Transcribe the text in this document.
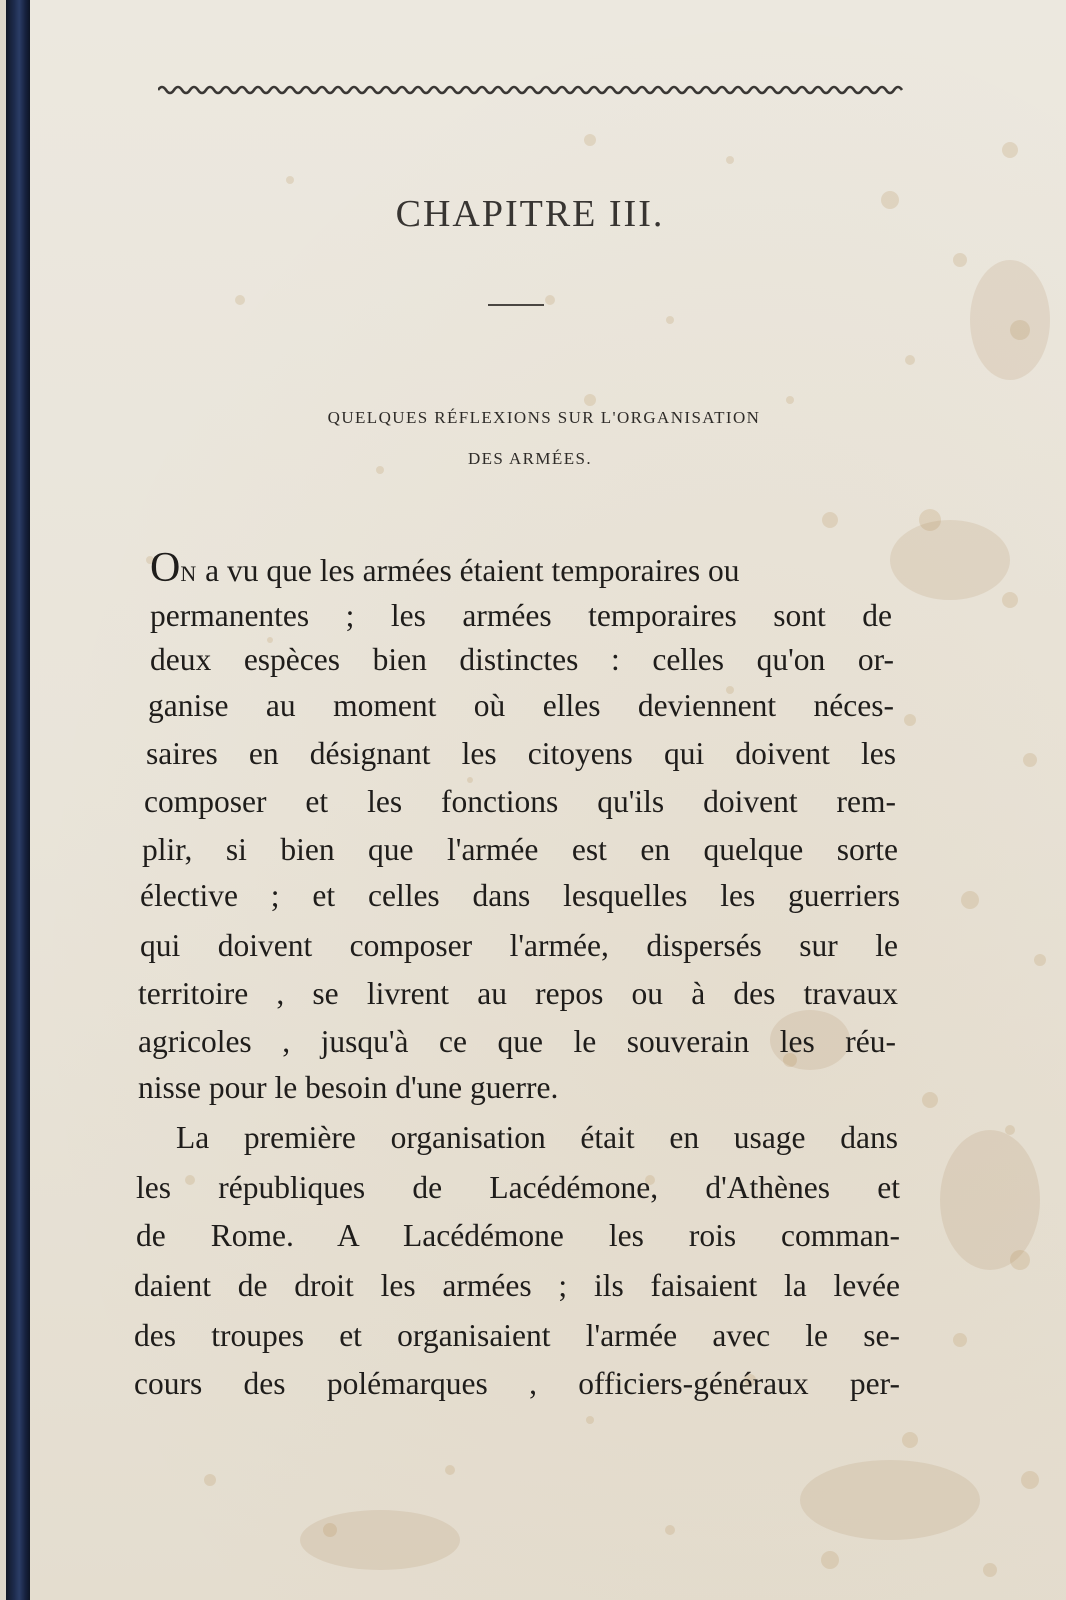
CHAPITRE III.

QUELQUES RÉFLEXIONS SUR L'ORGANISATION

DES ARMÉES.

ON a vu que les armées étaient temporaires ou

permanentes ; les armées temporaires sont de

deux espèces bien distinctes : celles qu'on or-

ganise au moment où elles deviennent néces-

saires en désignant les citoyens qui doivent les

composer et les fonctions qu'ils doivent rem-

plir, si bien que l'armée est en quelque sorte

élective ; et celles dans lesquelles les guerriers

qui doivent composer l'armée, dispersés sur le

territoire , se livrent au repos ou à des travaux

agricoles , jusqu'à ce que le souverain les réu-

nisse pour le besoin d'une guerre.

La première organisation était en usage dans

les républiques de Lacédémone, d'Athènes et

de Rome. A Lacédémone les rois comman-

daient de droit les armées ; ils faisaient la levée

des troupes et organisaient l'armée avec le se-

cours des polémarques , officiers-généraux per-
